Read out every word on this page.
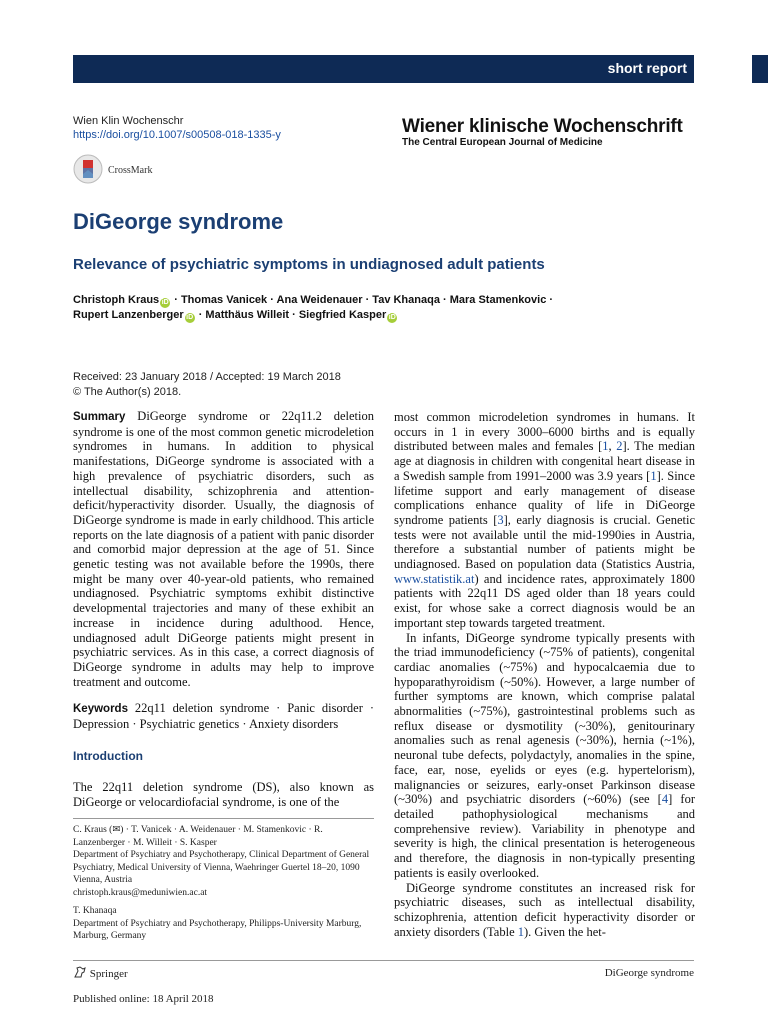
short report
Wien Klin Wochenschr
https://doi.org/10.1007/s00508-018-1335-y	Wiener klinische Wochenschrift
The Central European Journal of Medicine
CrossMark
DiGeorge syndrome
Relevance of psychiatric symptoms in undiagnosed adult patients
Christoph Kraus iD · Thomas Vanicek · Ana Weidenauer · Tav Khanaqa · Mara Stamenkovic ·
Rupert Lanzenberger iD · Matthäus Willeit · Siegfried Kasper iD
Received: 23 January 2018 / Accepted: 19 March 2018
© The Author(s) 2018.

Summary DiGeorge syndrome or 22q11.2 deletion syndrome is one of the most common genetic microdeletion syndromes in humans. In addition to physical manifestations, DiGeorge syndrome is associated with a high prevalence of psychiatric disorders, such as intellectual disability, schizophrenia and attention-deficit/hyperactivity disorder. Usually, the diagnosis of DiGeorge syndrome is made in early childhood. This article reports on the late diagnosis of a patient with panic disorder and comorbid major depression at the age of 51. Since genetic testing was not available before the 1990s, there might be many over 40-year-old patients, who remained undiagnosed. Psychiatric symptoms exhibit distinctive developmental trajectories and many of these exhibit an increase in incidence during adulthood. Hence, undiagnosed adult DiGeorge patients might present in psychiatric services. As in this case, a correct diagnosis of DiGeorge syndrome in adults may help to improve treatment and outcome.

Keywords 22q11 deletion syndrome · Panic disorder · Depression · Psychiatric genetics · Anxiety disorders

Introduction

The 22q11 deletion syndrome (DS), also known as DiGeorge or velocardiofacial syndrome, is one of the

C. Kraus (✉) · T. Vanicek · A. Weidenauer · M. Stamenkovic · R. Lanzenberger · M. Willeit · S. Kasper
Department of Psychiatry and Psychotherapy, Clinical Department of General Psychiatry, Medical University of Vienna, Waehringer Guertel 18–20, 1090 Vienna, Austria
christoph.kraus@meduniwien.ac.at

T. Khanaqa
Department of Psychiatry and Psychotherapy, Philipps-University Marburg, Marburg, Germany

most common microdeletion syndromes in humans. It occurs in 1 in every 3000–6000 births and is equally distributed between males and females [1, 2]. The median age at diagnosis in children with congenital heart disease in a Swedish sample from 1991–2000 was 3.9 years [1]. Since lifetime support and early management of disease complications enhance quality of life in DiGeorge syndrome patients [3], early diagnosis is crucial. Genetic tests were not available until the mid-1990ies in Austria, therefore a substantial number of patients might be undiagnosed. Based on population data (Statistics Austria, www.statistik.at) and incidence rates, approximately 1800 patients with 22q11 DS aged older than 18 years could exist, for whose sake a correct diagnosis would be an important step towards targeted treatment.

In infants, DiGeorge syndrome typically presents with the triad immunodeficiency (~75% of patients), congenital cardiac anomalies (~75%) and hypocalcaemia due to hypoparathyroidism (~50%). However, a large number of further symptoms are known, which comprise palatal abnormalities (~75%), gastrointestinal problems such as reflux disease or dysmotility (~30%), genitourinary anomalies such as renal agenesis (~30%), hernia (~1%), neuronal tube defects, polydactyly, anomalies in the spine, face, ear, nose, eyelids or eyes (e.g. hypertelorism), malignancies or seizures, early-onset Parkinson disease (~30%) and psychiatric disorders (~60%) (see [4] for detailed pathophysiological mechanisms and comprehensive review). Variability in phenotype and severity is high, the clinical presentation is heterogeneous and therefore, the diagnosis in non-typically presenting patients is easily overlooked.

DiGeorge syndrome constitutes an increased risk for psychiatric diseases, such as intellectual disability, schizophrenia, attention deficit hyperactivity disorder or anxiety disorders (Table 1). Given the het-

Springer	DiGeorge syndrome
Published online: 18 April 2018
